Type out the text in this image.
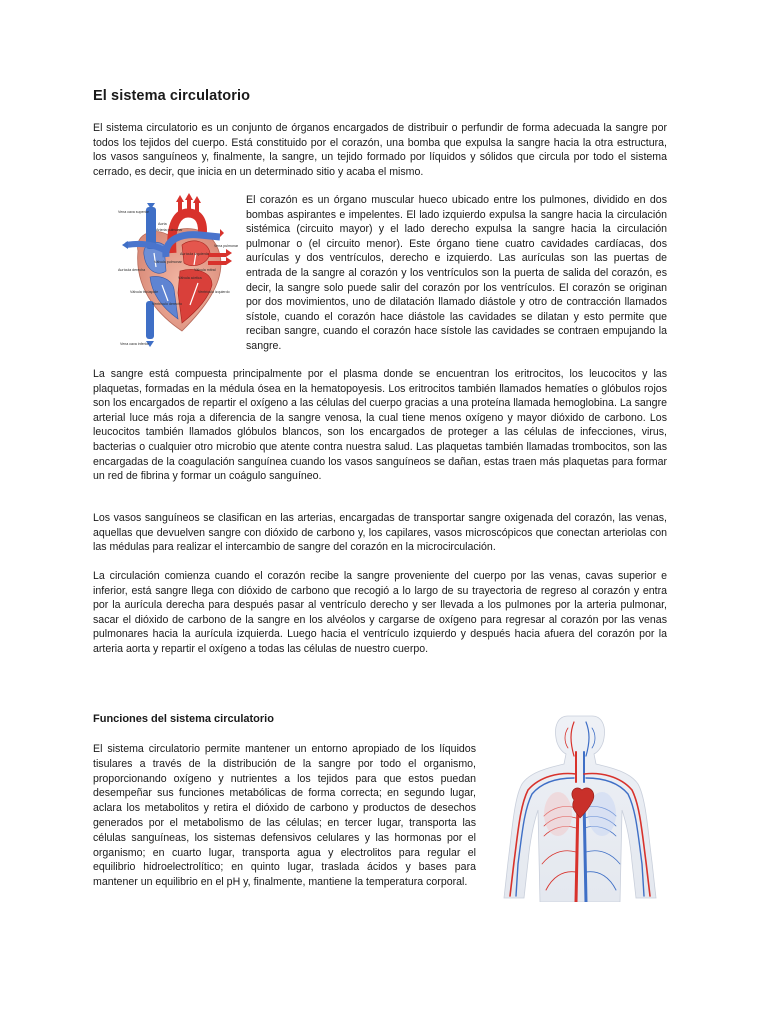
El sistema circulatorio

El sistema circulatorio es un conjunto de órganos encargados de distribuir o perfundir de forma adecuada la sangre por todos los tejidos del cuerpo. Está constituido por el corazón, una bomba que expulsa la sangre hacia la otra estructura, los vasos sanguíneos y, finalmente, la sangre, un tejido formado por líquidos y sólidos que circula por todo el sistema cerrado, es decir, que inicia en un determinado sitio y acaba el mismo.

Vena cava superior
Aorta
Arteria pulmonar
Vena pulmonar
Aurícula izquierda
Aurícula derecha	Válvula mitral
Válvula pulmonar
Válvula aórtica
Válvula tricúspide	Ventrículo izquierdo
Ventrículo derecho
Vena cava inferior

El corazón es un órgano muscular hueco ubicado entre los pulmones, dividido en dos bombas aspirantes e impelentes. El lado izquierdo expulsa la sangre hacia la circulación sistémica (circuito mayor) y el lado derecho expulsa la sangre hacia la circulación pulmonar o (el circuito menor). Este órgano tiene cuatro cavidades cardíacas, dos aurículas y dos ventrículos, derecho e izquierdo. Las aurículas son las puertas de entrada de la sangre al corazón y los ventrículos son la puerta de salida del corazón, es decir, la sangre solo puede salir del corazón por los ventrículos. El corazón se originan por dos movimientos, uno de dilatación llamado diástole y otro de contracción llamados sístole, cuando el corazón hace diástole las cavidades se dilatan y esto permite que reciban sangre, cuando el corazón hace sístole las cavidades se contraen empujando la sangre.

La sangre está compuesta principalmente por el plasma donde se encuentran los eritrocitos, los leucocitos y las plaquetas, formadas en la médula ósea en la hematopoyesis. Los eritrocitos también llamados hematíes o glóbulos rojos son los encargados de repartir el oxígeno a las células del cuerpo gracias a una proteína llamada hemoglobina. La sangre arterial luce más roja a diferencia de la sangre venosa, la cual tiene menos oxígeno y mayor dióxido de carbono. Los leucocitos también llamados glóbulos blancos, son los encargados de proteger a las células de infecciones, virus, bacterias o cualquier otro microbio que atente contra nuestra salud. Las plaquetas también llamadas trombocitos, son las encargadas de la coagulación sanguínea cuando los vasos sanguíneos se dañan, estas traen más plaquetas para formar un red de fibrina y formar un coágulo sanguíneo.

Los vasos sanguíneos se clasifican en las arterias, encargadas de transportar sangre oxigenada del corazón, las venas, aquellas que devuelven sangre con dióxido de carbono y, los capilares, vasos microscópicos que conectan arteriolas con las médulas para realizar el intercambio de sangre del corazón en la microcirculación.

La circulación comienza cuando el corazón recibe la sangre proveniente del cuerpo por las venas, cavas superior e inferior, está sangre llega con dióxido de carbono que recogió a lo largo de su trayectoria de regreso al corazón y entra por la aurícula derecha para después pasar al ventrículo derecho y ser llevada a los pulmones por la arteria pulmonar, sacar el dióxido de carbono de la sangre en los alvéolos y cargarse de oxígeno para regresar al corazón por las venas pulmonares hacia la aurícula izquierda. Luego hacia el ventrículo izquierdo y después hacia afuera del corazón por la arteria aorta y repartir el oxígeno a todas las células de nuestro cuerpo.

Funciones del sistema circulatorio

El sistema circulatorio permite mantener un entorno apropiado de los líquidos tisulares a través de la distribución de la sangre por todo el organismo, proporcionando oxígeno y nutrientes a los tejidos para que estos puedan desempeñar sus funciones metabólicas de forma correcta; en segundo lugar, aclara los metabolitos y retira el dióxido de carbono y productos de desechos generados por el metabolismo de las células; en tercer lugar, transporta las células sanguíneas, los sistemas defensivos celulares y las hormonas por el organismo; en cuarto lugar, transporta agua y electrolitos para regular el equilibrio hidroelectrolítico; en quinto lugar, traslada ácidos y bases para mantener un equilibrio en el pH y, finalmente, mantiene la temperatura corporal.
